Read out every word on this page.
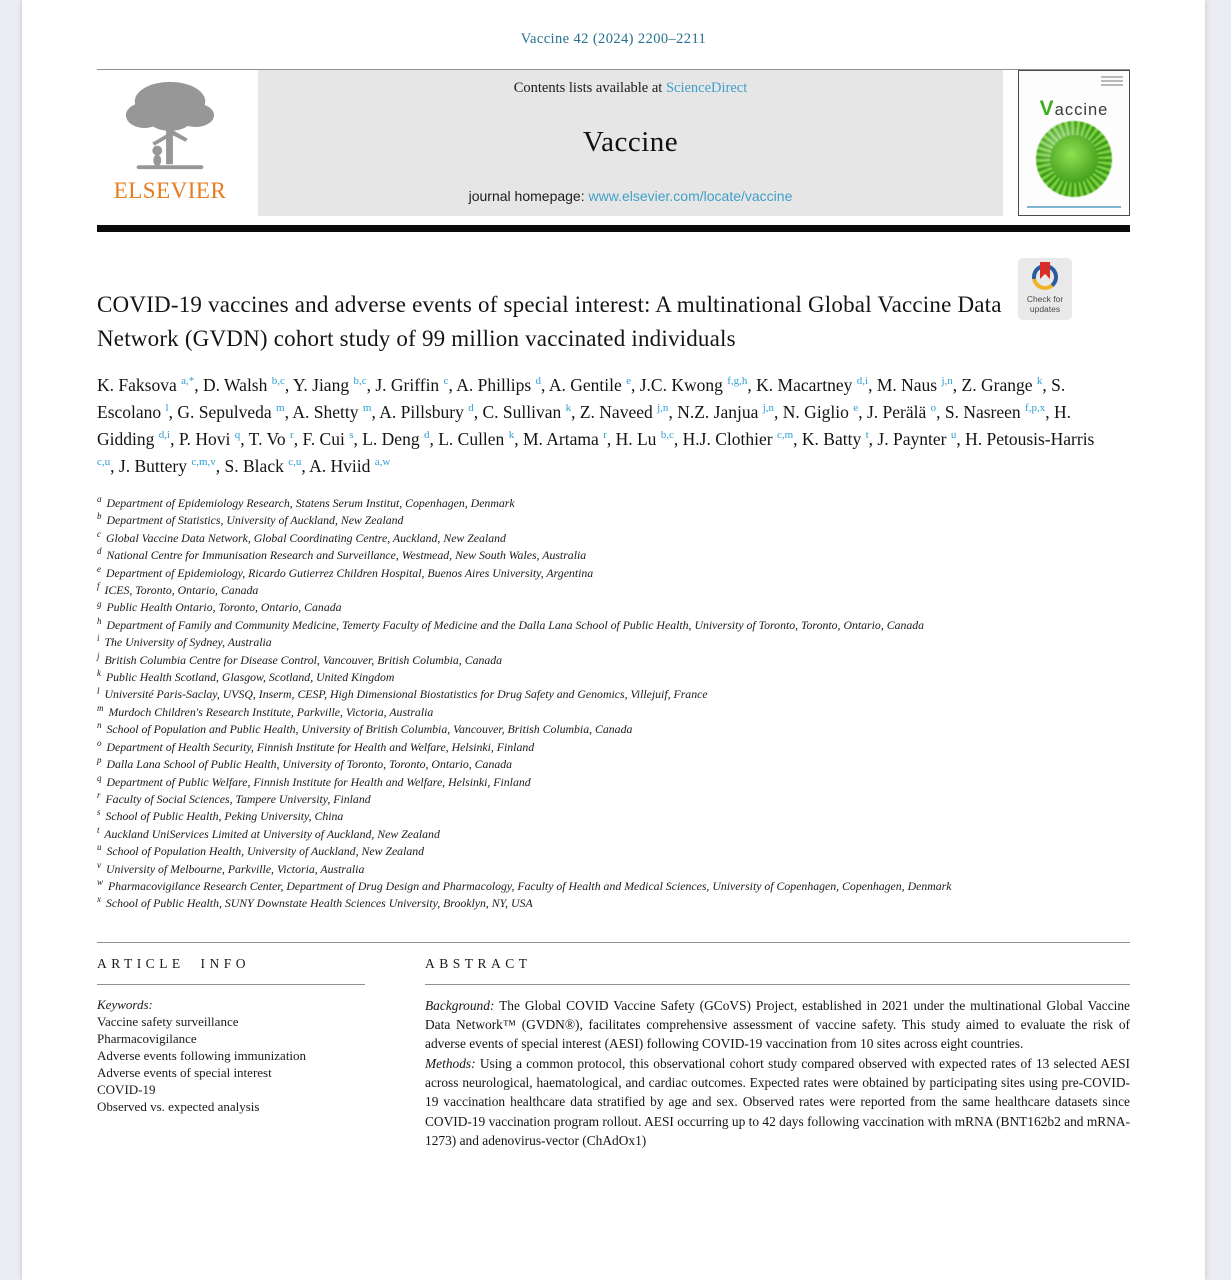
Vaccine 42 (2024) 2200–2211
ELSEVIER
Contents lists available at ScienceDirect
Vaccine
journal homepage: www.elsevier.com/locate/vaccine
Vaccine
COVID-19 vaccines and adverse events of special interest: A multinational Global Vaccine Data Network (GVDN) cohort study of 99 million vaccinated individuals
K. Faksova $^{a,*}$, D. Walsh $^{b,c}$, Y. Jiang $^{b,c}$, J. Griffin $^c$, A. Phillips $^d$, A. Gentile $^e$, J.C. Kwong $^{f,g,h}$, K. Macartney $^{d,i}$, M. Naus $^{j,n}$, Z. Grange $^k$, S. Escolano $^l$, G. Sepulveda $^m$, A. Shetty $^m$, A. Pillsbury $^d$, C. Sullivan $^k$, Z. Naveed $^{j,n}$, N.Z. Janjua $^{j,n}$, N. Giglio $^e$, J. Perälä $^o$, S. Nasreen $^{f,p,x}$, H. Gidding $^{d,i}$, P. Hovi $^q$, T. Vo $^r$, F. Cui $^s$, L. Deng $^d$, L. Cullen $^k$, M. Artama $^r$, H. Lu $^{b,c}$, H.J. Clothier $^{c,m}$, K. Batty $^t$, J. Paynter $^u$, H. Petousis-Harris $^{c,u}$, J. Buttery $^{c,m,v}$, S. Black $^{c,u}$, A. Hviid $^{a,w}$
$^a$ Department of Epidemiology Research, Statens Serum Institut, Copenhagen, Denmark
$^b$ Department of Statistics, University of Auckland, New Zealand
$^c$ Global Vaccine Data Network, Global Coordinating Centre, Auckland, New Zealand
$^d$ National Centre for Immunisation Research and Surveillance, Westmead, New South Wales, Australia
$^e$ Department of Epidemiology, Ricardo Gutierrez Children Hospital, Buenos Aires University, Argentina
$^f$ ICES, Toronto, Ontario, Canada
$^g$ Public Health Ontario, Toronto, Ontario, Canada
$^h$ Department of Family and Community Medicine, Temerty Faculty of Medicine and the Dalla Lana School of Public Health, University of Toronto, Toronto, Ontario, Canada
$^i$ The University of Sydney, Australia
$^j$ British Columbia Centre for Disease Control, Vancouver, British Columbia, Canada
$^k$ Public Health Scotland, Glasgow, Scotland, United Kingdom
$^l$ Université Paris-Saclay, UVSQ, Inserm, CESP, High Dimensional Biostatistics for Drug Safety and Genomics, Villejuif, France
$^m$ Murdoch Children's Research Institute, Parkville, Victoria, Australia
$^n$ School of Population and Public Health, University of British Columbia, Vancouver, British Columbia, Canada
$^o$ Department of Health Security, Finnish Institute for Health and Welfare, Helsinki, Finland
$^p$ Dalla Lana School of Public Health, University of Toronto, Toronto, Ontario, Canada
$^q$ Department of Public Welfare, Finnish Institute for Health and Welfare, Helsinki, Finland
$^r$ Faculty of Social Sciences, Tampere University, Finland
$^s$ School of Public Health, Peking University, China
$^t$ Auckland UniServices Limited at University of Auckland, New Zealand
$^u$ School of Population Health, University of Auckland, New Zealand
$^v$ University of Melbourne, Parkville, Victoria, Australia
$^w$ Pharmacovigilance Research Center, Department of Drug Design and Pharmacology, Faculty of Health and Medical Sciences, University of Copenhagen, Copenhagen, Denmark
$^x$ School of Public Health, SUNY Downstate Health Sciences University, Brooklyn, NY, USA
ARTICLE INFO
Keywords:
Vaccine safety surveillance
Pharmacovigilance
Adverse events following immunization
Adverse events of special interest
COVID-19
Observed vs. expected analysis
ABSTRACT

Background: The Global COVID Vaccine Safety (GCoVS) Project, established in 2021 under the multinational Global Vaccine Data Network™ (GVDN®), facilitates comprehensive assessment of vaccine safety. This study aimed to evaluate the risk of adverse events of special interest (AESI) following COVID-19 vaccination from 10 sites across eight countries.

Methods: Using a common protocol, this observational cohort study compared observed with expected rates of 13 selected AESI across neurological, haematological, and cardiac outcomes. Expected rates were obtained by participating sites using pre-COVID-19 vaccination healthcare data stratified by age and sex. Observed rates were reported from the same healthcare datasets since COVID-19 vaccination program rollout. AESI occurring up to 42 days following vaccination with mRNA (BNT162b2 and mRNA-1273) and adenovirus-vector (ChAdOx1)

Check for
updates
